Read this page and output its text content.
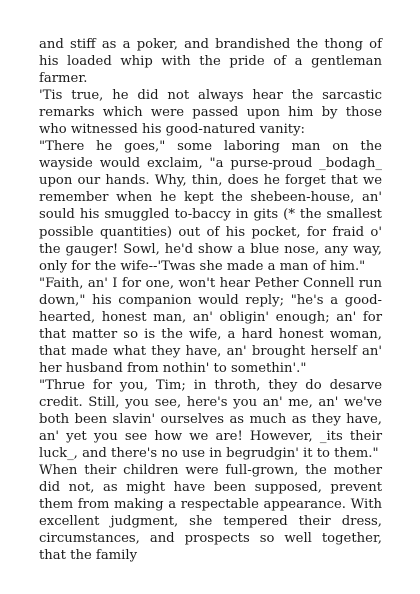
and stiff as a poker, and brandished the thong of his loaded whip with the pride of a gentleman farmer.

'Tis true, he did not always hear the sarcastic remarks which were passed upon him by those who witnessed his good-natured vanity:

"There he goes," some laboring man on the wayside would exclaim, "a purse-proud _bodagh_ upon our hands. Why, thin, does he forget that we remember when he kept the shebeen-house, an' sould his smuggled to-baccy in gits (* the smallest possible quantities) out of his pocket, for fraid o' the gauger! Sowl, he'd show a blue nose, any way, only for the wife--'Twas she made a man of him."

"Faith, an' I for one, won't hear Pether Connell run down," his companion would reply; "he's a good-hearted, honest man, an' obligin' enough; an' for that matter so is the wife, a hard honest woman, that made what they have, an' brought herself an' her husband from nothin' to somethin'."

"Thrue for you, Tim; in throth, they do desarve credit. Still, you see, here's you an' me, an' we've both been slavin' ourselves as much as they have, an' yet you see how we are! However, _its their luck_, and there's no use in begrudgin' it to them."

When their children were full-grown, the mother did not, as might have been supposed, prevent them from making a respectable appearance. With excellent judgment, she tempered their dress, circumstances, and prospects so well together, that the family
